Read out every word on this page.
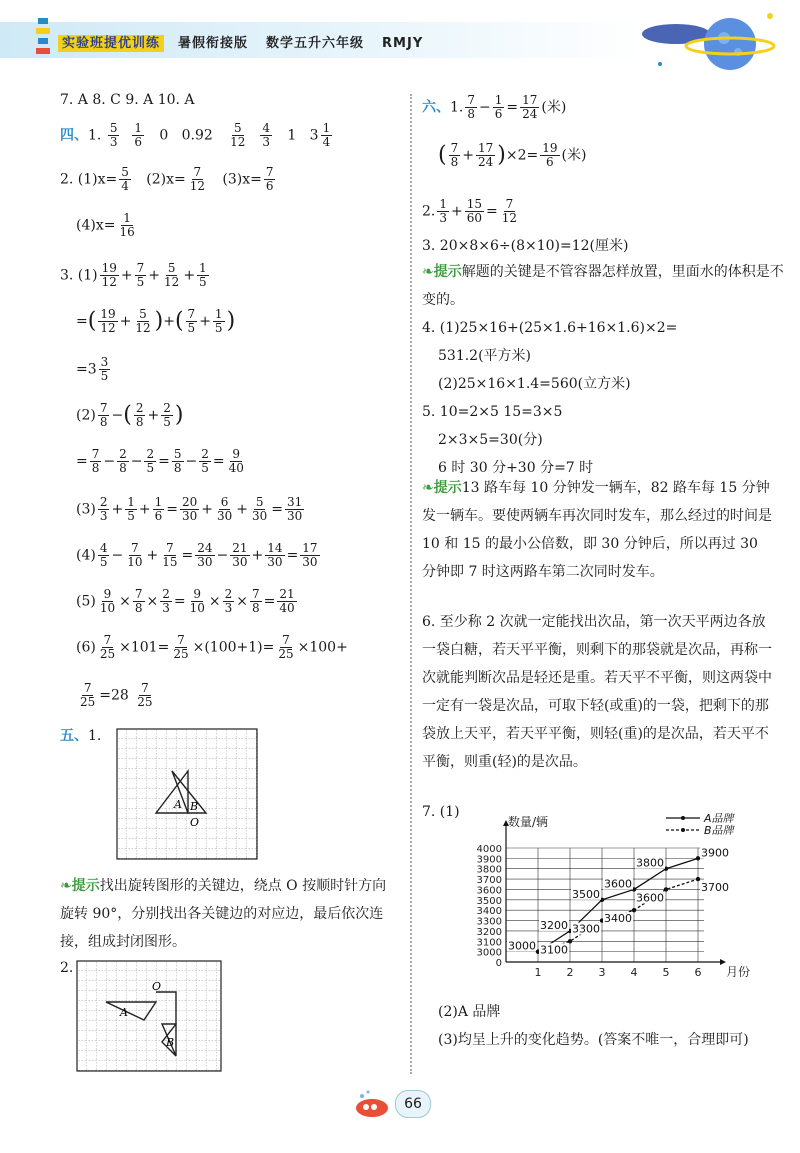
实验班提优训练 暑假衔接版 数学五升六年级 RMJY
7. A 8. C 9. A 10. A
四、1. $\frac{5}{3}$
$\frac{1}{6} 0$ $0.92 \frac{5}{12}$
$\frac{4}{3} 1$ $3 \frac{1}{4}$
2. $(1)x= \frac{5}{4} (2)x= \frac{7}{12} (3)x= \frac{7}{6}$
$(4)x= \frac{1}{16}$
3. $(1) \frac{19}{12} + \frac{7}{5} + \frac{5}{12} + \frac{1}{5}$
=( $\frac{19}{12} + \frac{5}{12}$ )+( $\frac{7}{5} + \frac{1}{5}$ )
$=3 \frac{3}{5}$
$(2) \frac{7}{8}$ −( $\frac{2}{8} + \frac{2}{5}$ )
= $\frac{7}{8} - \frac{2}{8} - \frac{2}{5} = \frac{5}{8} - \frac{2}{5} = \frac{9}{40}$
$(3) \frac{2}{3} + \frac{1}{5} + \frac{1}{6} = \frac{20}{30} + \frac{6}{30} + \frac{5}{30} = \frac{31}{30}$
$(4) \frac{4}{5} - \frac{7}{10} + \frac{7}{15} = \frac{24}{30} - \frac{21}{30} + \frac{14}{30} = \frac{17}{30}$
$(5) \frac{9}{10} \times \frac{7}{8} \times \frac{2}{3} = \frac{9}{10} \times \frac{2}{3} \times \frac{7}{8} = \frac{21}{40}$
$(6) \frac{7}{25} \times 101= \frac{7}{25} \times(100+1)= \frac{7}{25} \times 100+$
$\frac{7}{25} =28 \frac{7}{25}$
五、1.
A B
O
❧提示找出旋转图形的关键边，绕点 O 按顺时针方向旋转 90°，分别找出各关键边的对应边，最后依次连接，组成封闭图形。
2.
A
O
B
六、1. $\frac{7}{8} - \frac{1}{6} = \frac{17}{24}$ (米)
( $\frac{7}{8} + \frac{17}{24} )\times 2= \frac{19}{6}$ (米)
2. $\frac{1}{3} + \frac{15}{60} = \frac{7}{12}$
3. 20×8×6÷(8×10)=12(厘米)
❧提示解题的关键是不管容器怎样放置，里面水的体积是不变的。
4. (1)25×16+(25×1.6+16×1.6)×2=
531.2(平方米)
(2)25×16×1.4=560(立方米)
5. 10=2×5 15=3×5
2×3×5=30(分)
6 时 30 分+30 分=7 时
❧提示13 路车每 10 分钟发一辆车，82 路车每 15 分钟发一辆车。要使两辆车再次同时发车，那么经过的时间是 10 和 15 的最小公倍数，即 30 分钟后，所以再过 30 分钟即 7 时这两路车第二次同时发车。
6. 至少称 2 次就一定能找出次品，第一次天平两边各放一袋白糖，若天平平衡，则剩下的那袋就是次品，再称一次就能判断次品是轻还是重。若天平不平衡，则这两袋中一定有一袋是次品，可取下轻(或重)的一袋，把剩下的那袋放上天平，若天平平衡，则轻(重)的是次品，若天平不平衡，则重(轻)的是次品。
7. (1)
(2)A 品牌
(3)均呈上升的变化趋势。(答案不唯一，合理即可)
0
3000
3100
3200
3300
3400
3500
3600
3700
3800
3900
4000
1 2 3 4 5 6
数量/辆
月份
3000
3200
3500
3600
3800
3900
3100
3300
3400
3600
3700
A品牌
B品牌
66
